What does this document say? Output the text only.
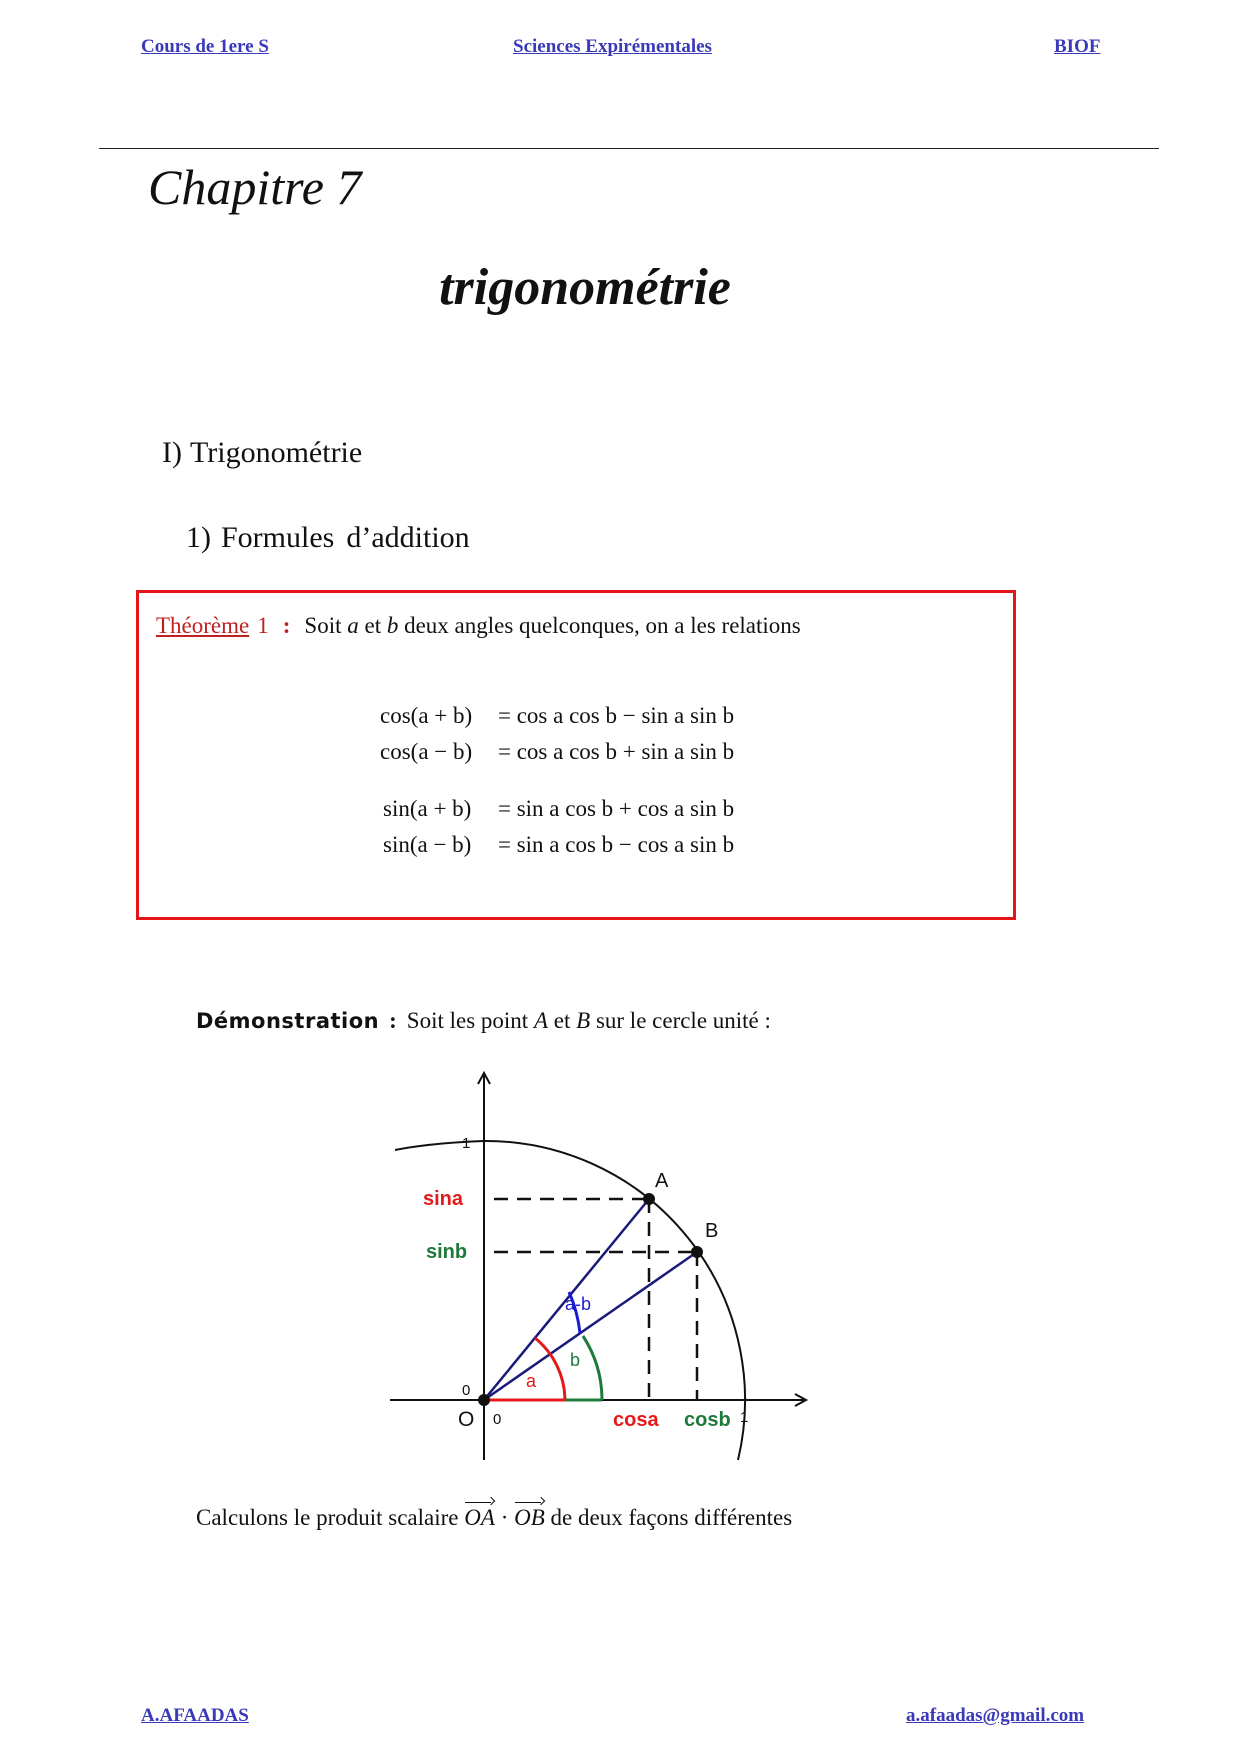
Cours de 1ere S	Sciences Expirémentales	BIOF
Chapitre 7
trigonométrie
I) Trigonométrie
1) Formules d’addition
Théorème 1 : Soit a et b deux angles quelconques, on a les relations
cos(a + b) = cos a cos b − sin a sin b
cos(a − b) = cos a cos b + sin a sin b
sin(a + b) = sin a cos b + cos a sin b
sin(a − b) = sin a cos b − cos a sin b
Démonstration : Soit les point A et B sur le cercle unité :
1
0
O 0	1
A
B
sina
sinb
cosa cosb
a
b
a-b
Calculons le produit scalaire OA · OB de deux façons différentes
A.AFAADAS	a.afaadas@gmail.com
